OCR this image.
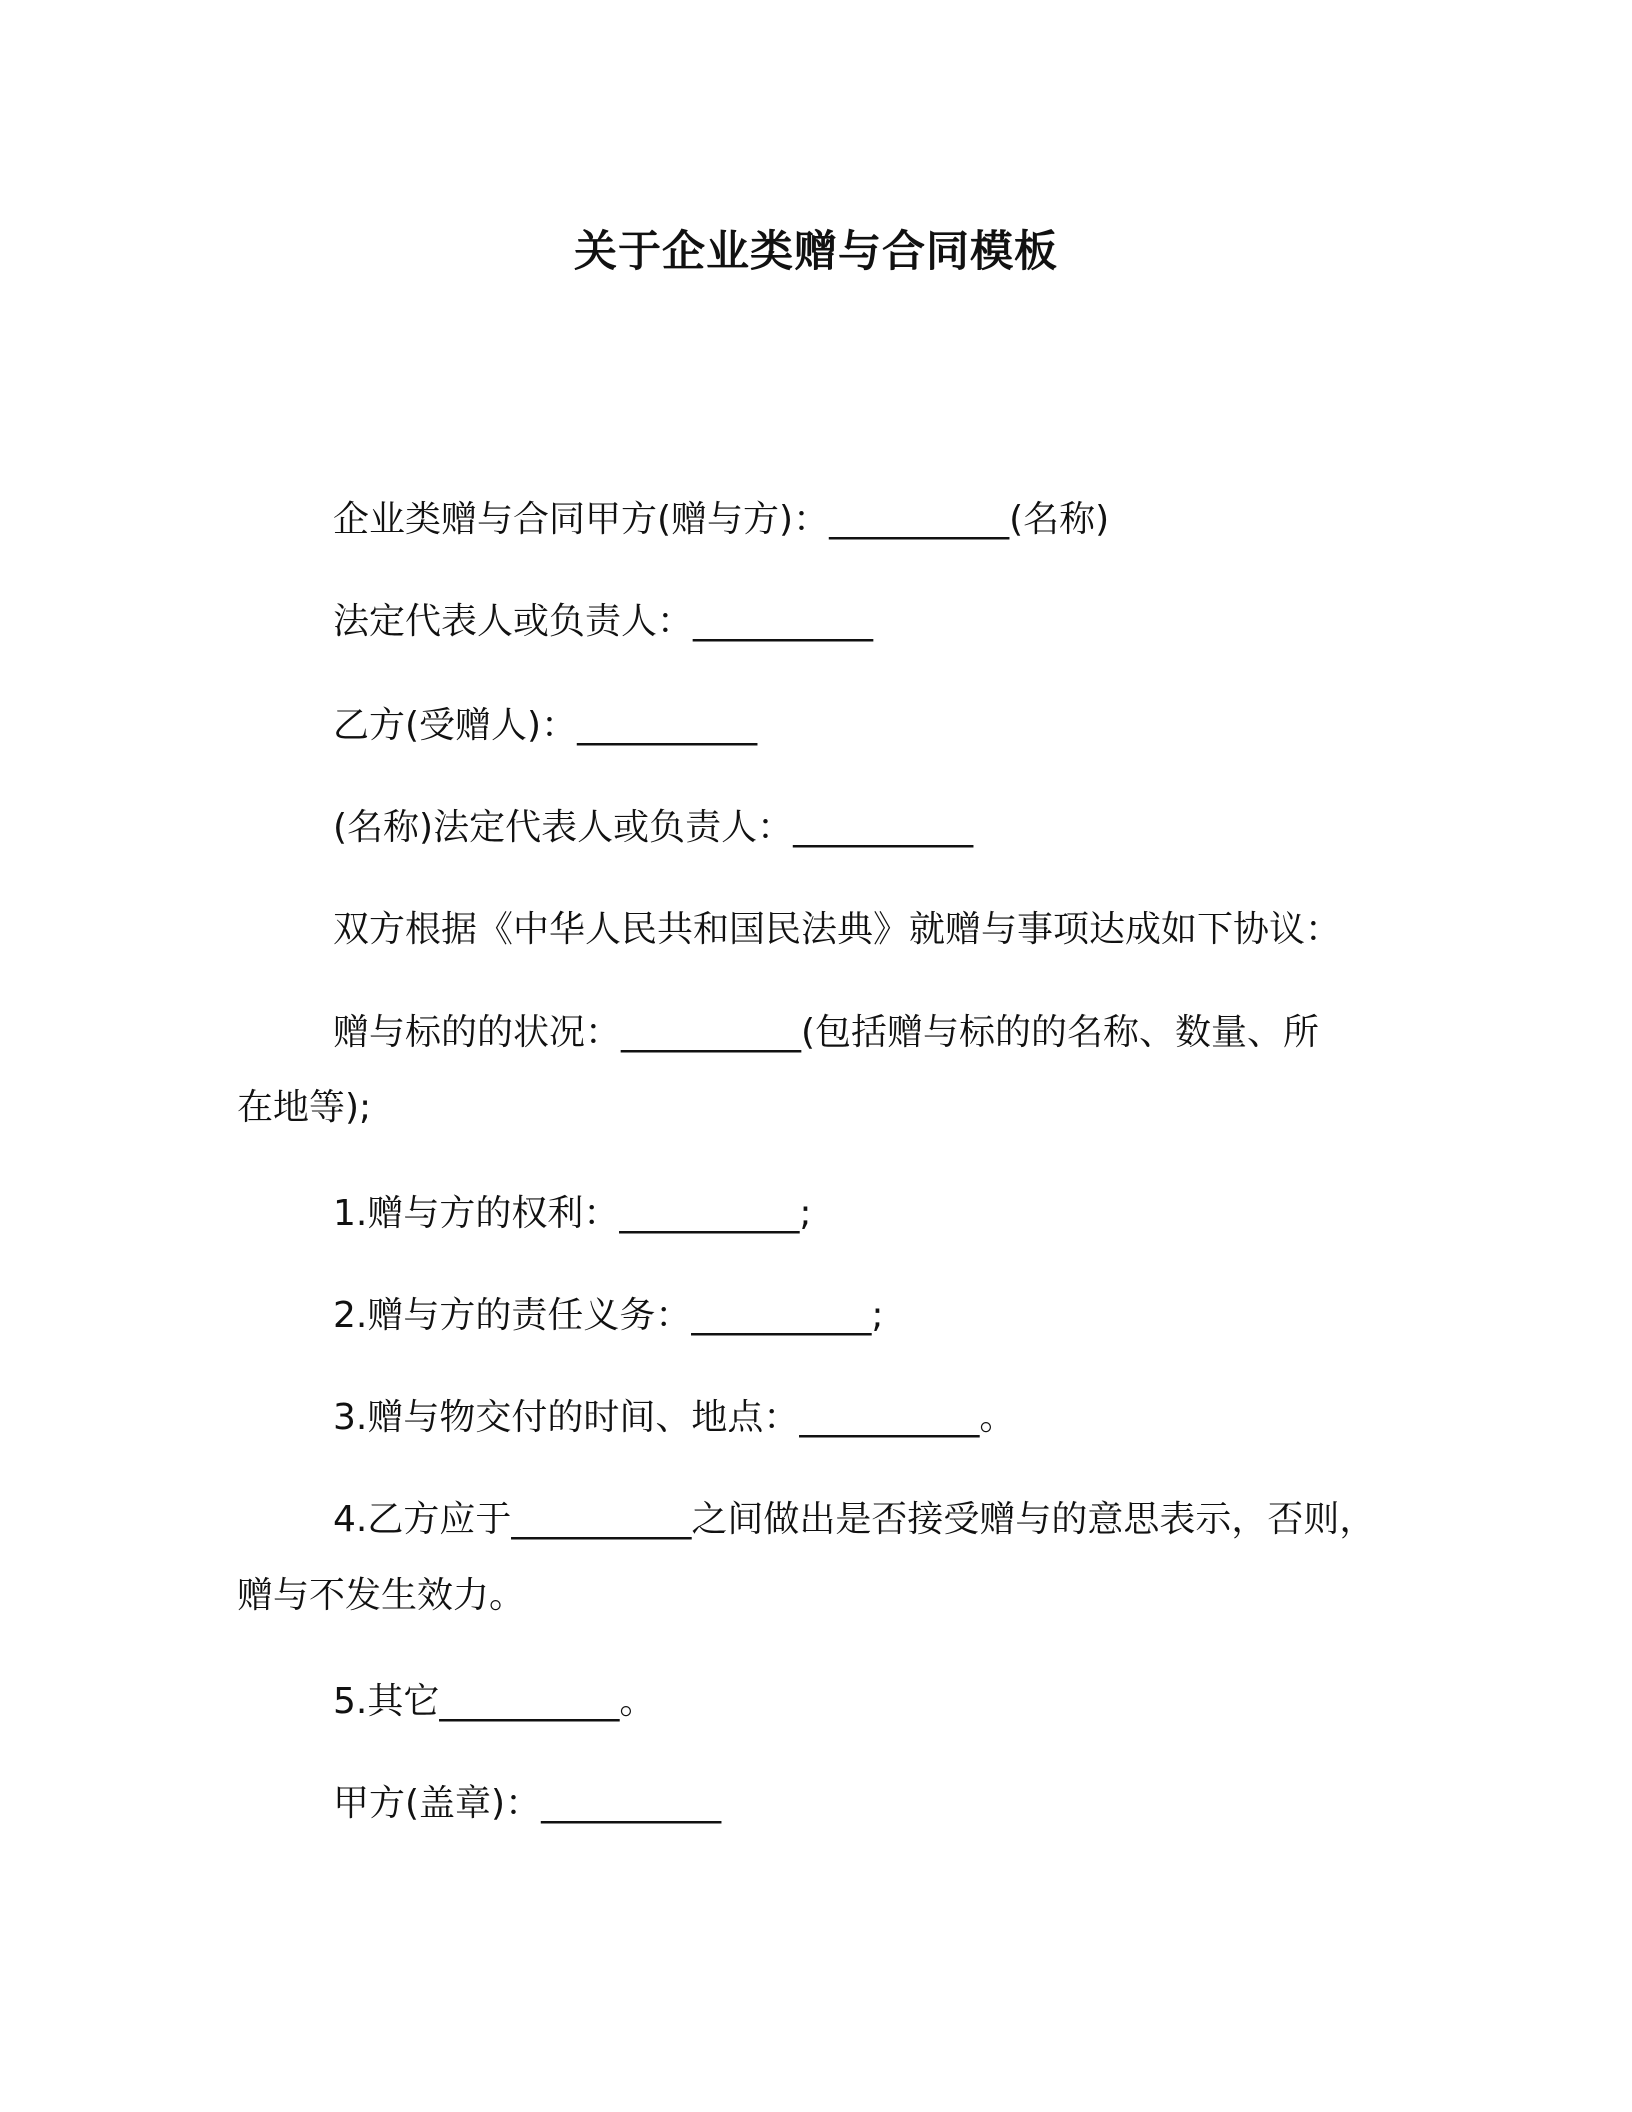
关于企业类赠与合同模板
企业类赠与合同甲方(赠与方)：__________(名称)
法定代表人或负责人：__________
乙方(受赠人)：__________
(名称)法定代表人或负责人：__________
双方根据《中华人民共和国民法典》就赠与事项达成如下协议：
赠与标的的状况：__________(包括赠与标的的名称、数量、所
在地等);
1.赠与方的权利：__________;
2.赠与方的责任义务：__________;
3.赠与物交付的时间、地点：__________。
4.乙方应于__________之间做出是否接受赠与的意思表示，否则，
赠与不发生效力。
5.其它__________。
甲方(盖章)：__________
